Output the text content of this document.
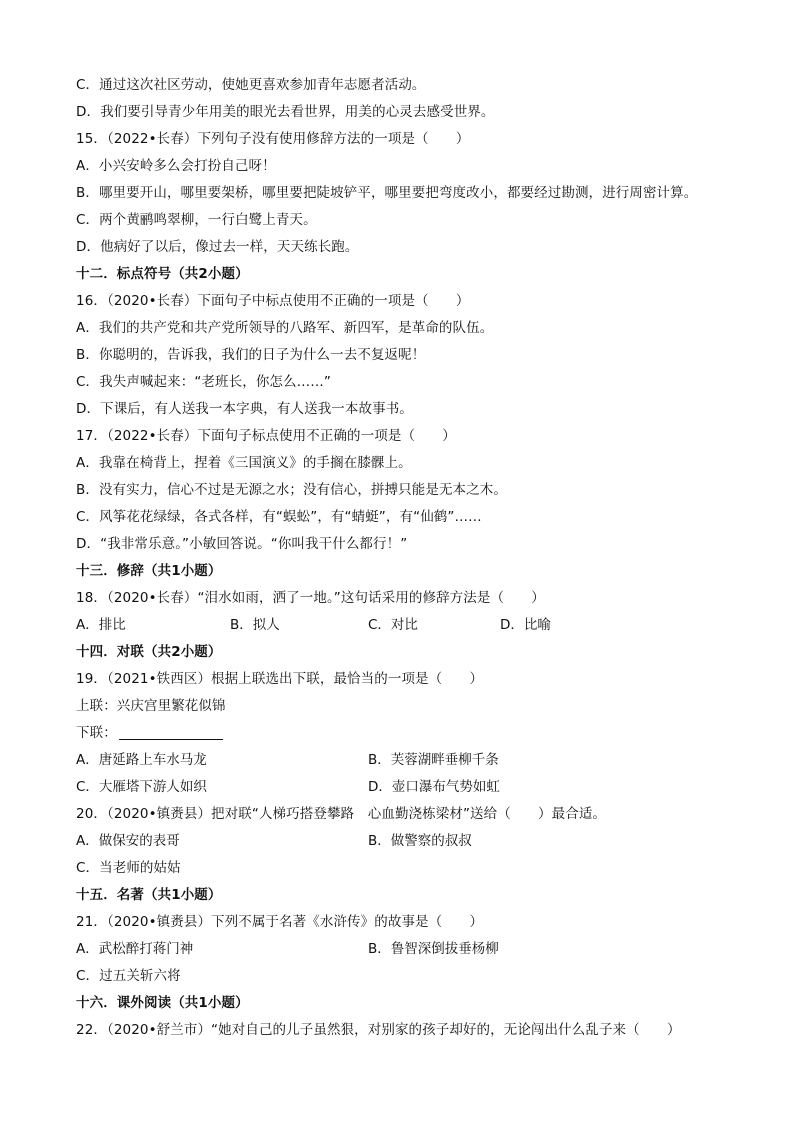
C．通过这次社区劳动，使她更喜欢参加青年志愿者活动。
D．我们要引导青少年用美的眼光去看世界，用美的心灵去感受世界。
15．（2022•长春）下列句子没有使用修辞方法的一项是（　　）
A．小兴安岭多么会打扮自己呀！
B．哪里要开山，哪里要架桥，哪里要把陡坡铲平，哪里要把弯度改小，都要经过勘测，进行周密计算。
C．两个黄鹂鸣翠柳，一行白鹭上青天。
D．他病好了以后，像过去一样，天天练长跑。
十二．标点符号（共2小题）
16．（2020•长春）下面句子中标点使用不正确的一项是（　　）
A．我们的共产党和共产党所领导的八路军、新四军，是革命的队伍。
B．你聪明的，告诉我，我们的日子为什么一去不复返呢！
C．我失声喊起来：“老班长，你怎么……”
D．下课后，有人送我一本字典，有人送我一本故事书。
17．（2022•长春）下面句子标点使用不正确的一项是（　　）
A．我靠在椅背上，捏着《三国演义》的手搁在膝髁上。
B．没有实力，信心不过是无源之水；没有信心，拼搏只能是无本之木。
C．风筝花花绿绿，各式各样，有“蜈蚣”，有“蜻蜓”，有“仙鹤”……
D．“我非常乐意。”小敏回答说。“你叫我干什么都行！”
十三．修辞（共1小题）
18．（2020•长春）“泪水如雨，洒了一地。”这句话采用的修辞方法是（　　）
A．排比	B．拟人	C．对比	D．比喻
十四．对联（共2小题）
19．（2021•铁西区）根据上联选出下联，最恰当的一项是（　　）
上联：兴庆宫里繁花似锦
下联：
A．唐延路上车水马龙	B．芙蓉湖畔垂柳千条
C．大雁塔下游人如织	D．壶口瀑布气势如虹
20．（2020•镇赉县）把对联“人梯巧搭登攀路　心血勤浇栋梁材”送给（　　）最合适。
A．做保安的表哥	B．做警察的叔叔
C．当老师的姑姑
十五．名著（共1小题）
21．（2020•镇赉县）下列不属于名著《水浒传》的故事是（　　）
A．武松醉打蒋门神	B．鲁智深倒拔垂杨柳
C．过五关斩六将
十六．课外阅读（共1小题）
22．（2020•舒兰市）“她对自己的儿子虽然狠，对别家的孩子却好的，无论闯出什么乱子来（　　）
